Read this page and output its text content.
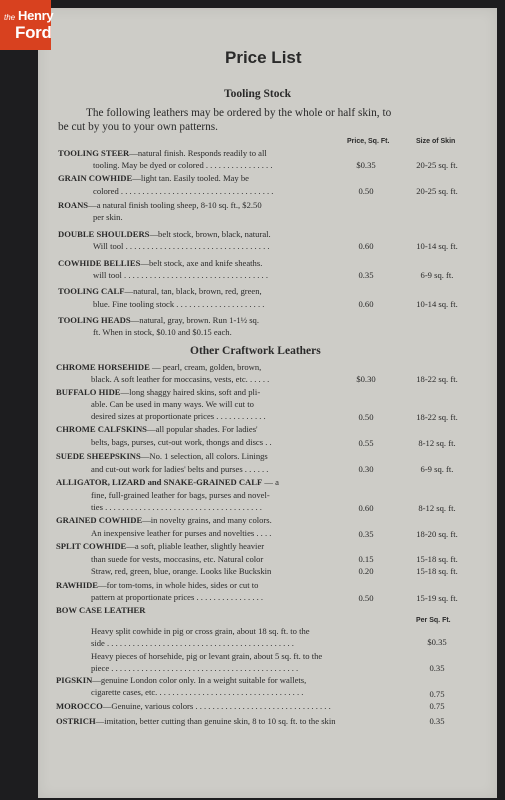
Price List
Tooling Stock
The following leathers may be ordered by the whole or half skin, to
be cut by you to your own patterns.
Price, Sq. Ft.	Size of Skin
TOOLING STEER—natural finish. Responds readily to all
tooling. May be dyed or colored . . . . . . . . . . . . . . . .	$0.35	20-25 sq. ft.
GRAIN COWHIDE—light tan. Easily tooled. May be
colored . . . . . . . . . . . . . . . . . . . . . . . . . . . . . . . . . . . .	0.50	20-25 sq. ft.
ROANS—a natural finish tooling sheep, 8-10 sq. ft., $2.50
per skin.
DOUBLE SHOULDERS—belt stock, brown, black, natural.
Will tool . . . . . . . . . . . . . . . . . . . . . . . . . . . . . . . . . .	0.60	10-14 sq. ft.
COWHIDE BELLIES—belt stock, axe and knife sheaths.
will tool . . . . . . . . . . . . . . . . . . . . . . . . . . . . . . . . . .	0.35	6-9 sq. ft.
TOOLING CALF—natural, tan, black, brown, red, green,
blue. Fine tooling stock . . . . . . . . . . . . . . . . . . . . .	0.60	10-14 sq. ft.
TOOLING HEADS—natural, gray, brown. Run 1-1½ sq.
ft. When in stock, $0.10 and $0.15 each.
Other Craftwork Leathers
CHROME HORSEHIDE — pearl, cream, golden, brown,
black. A soft leather for moccasins, vests, etc. . . . . .	$0.30	18-22 sq. ft.
BUFFALO HIDE—long shaggy haired skins, soft and pli-
able. Can be used in many ways. We will cut to
desired sizes at proportionate prices . . . . . . . . . . . .	0.50	18-22 sq. ft.
CHROME CALFSKINS—all popular shades. For ladies'
belts, bags, purses, cut-out work, thongs and discs . .	0.55	8-12 sq. ft.
SUEDE SHEEPSKINS—No. 1 selection, all colors. Linings
and cut-out work for ladies' belts and purses . . . . . .	0.30	6-9 sq. ft.
ALLIGATOR, LIZARD and SNAKE-GRAINED CALF — a
fine, full-grained leather for bags, purses and novel-
ties . . . . . . . . . . . . . . . . . . . . . . . . . . . . . . . . . . . . .	0.60	8-12 sq. ft.
GRAINED COWHIDE—in novelty grains, and many colors.
An inexpensive leather for purses and novelties . . . .	0.35	18-20 sq. ft.
SPLIT COWHIDE—a soft, pliable leather, slightly heavier
than suede for vests, moccasins, etc. Natural color
Straw, red, green, blue, orange. Looks like Buckskin
0.15	15-18 sq. ft.
0.20	15-18 sq. ft.
RAWHIDE—for tom-toms, in whole hides, sides or cut to
pattern at proportionate prices . . . . . . . . . . . . . . . .	0.50	15-19 sq. ft.
BOW CASE LEATHER
Per Sq. Ft.
Heavy split cowhide in pig or cross grain, about 18 sq. ft. to the
side . . . . . . . . . . . . . . . . . . . . . . . . . . . . . . . . . . . . . . . . . . . .	$0.35
Heavy pieces of horsehide, pig or levant grain, about 5 sq. ft. to the
piece . . . . . . . . . . . . . . . . . . . . . . . . . . . . . . . . . . . . . . . . . . . .	0.35
PIGSKIN—genuine London color only. In a weight suitable for wallets,
cigarette cases, etc. . . . . . . . . . . . . . . . . . . . . . . . . . . . . . . . . . .	0.75
MOROCCO—Genuine, various colors . . . . . . . . . . . . . . . . . . . . . . . . . . . . . . . .	0.75
OSTRICH—imitation, better cutting than genuine skin, 8 to 10 sq. ft. to the skin	0.35
the Henry
Ford
